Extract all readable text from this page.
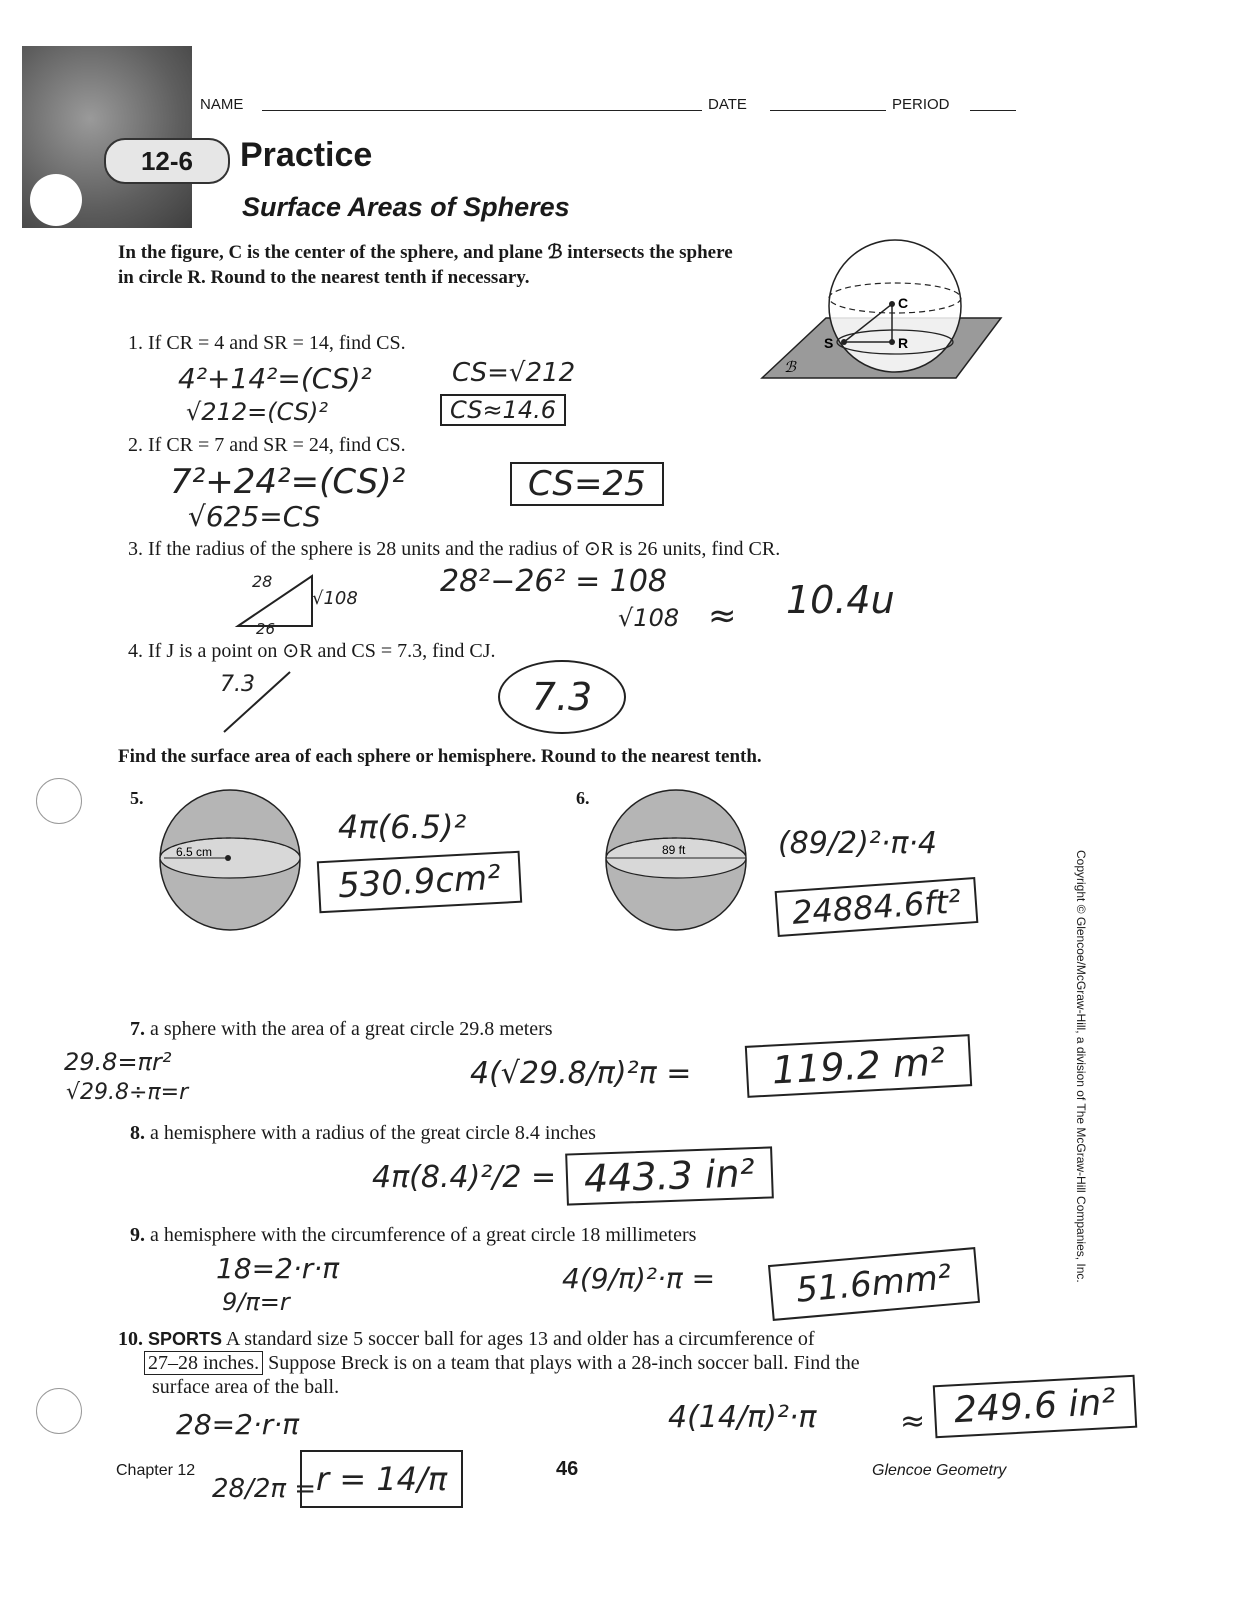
NAME	DATE	PERIOD
12-6	Practice
Surface Areas of Spheres
In the figure, C is the center of the sphere, and plane ℬ intersects the sphere in circle R. Round to the nearest tenth if necessary.
C
S	R
ℬ
1. If CR = 4 and SR = 14, find CS.
4²+14²=(CS)²
√212=(CS)²
CS=√212
CS≈14.6
2. If CR = 7 and SR = 24, find CS.
7²+24²=(CS)²
√625=CS
CS=25
3. If the radius of the sphere is 28 units and the radius of ⊙R is 26 units, find CR.
28
√108
26
28²−26² = 108
√108 ≈ 10.4u
4. If J is a point on ⊙R and CS = 7.3, find CJ.
7.3	7.3
Find the surface area of each sphere or hemisphere. Round to the nearest tenth.
5.
6.5 cm
4π(6.5)²
530.9cm²
6.
89 ft	(89/2)²·π·4
24884.6ft²	Copyright © Glencoe/McGraw-Hill, a division of The McGraw-Hill Companies, Inc.
7. a sphere with the area of a great circle 29.8 meters
29.8=πr²
√29.8÷π=r
4(√29.8/π)²π =	119.2 m²
8. a hemisphere with a radius of the great circle 8.4 inches
4π(8.4)²/2 = 443.3 in²
9. a hemisphere with the circumference of a great circle 18 millimeters
18=2·r·π
9/π=r
4(9/π)²·π =	51.6mm²
10. SPORTS A standard size 5 soccer ball for ages 13 and older has a circumference of
27–28 inches. Suppose Breck is on a team that plays with a 28-inch soccer ball. Find the
surface area of the ball.
28=2·r·π
28/2π = r = 14/π
4(14/π)²·π	≈ 249.6 in²
Chapter 12	46	Glencoe Geometry
